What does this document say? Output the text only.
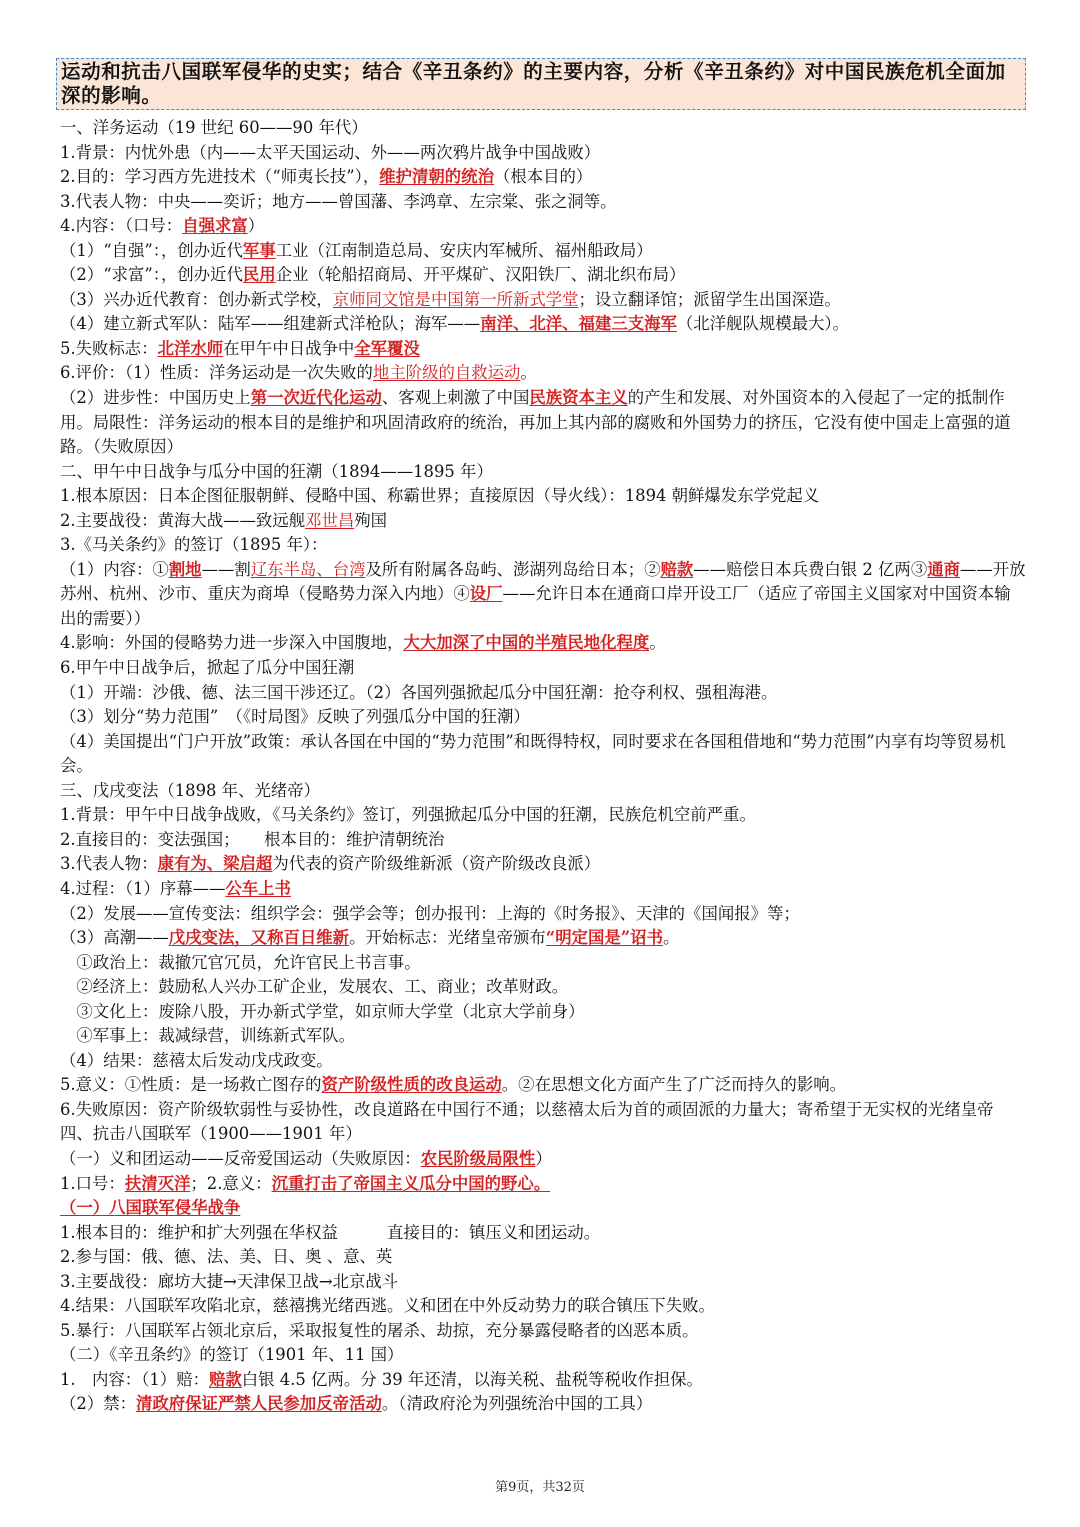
运动和抗击八国联军侵华的史实；结合《辛丑条约》的主要内容，分析《辛丑条约》对中国民族危机全面加深的影响。
一、洋务运动（19 世纪 60——90 年代）
1.背景：内忧外患（内——太平天国运动、外——两次鸦片战争中国战败）
2.目的：学习西方先进技术（“师夷长技”），维护清朝的统治（根本目的）
3.代表人物：中央——奕䜣；地方——曾国藩、李鸿章、左宗棠、张之洞等。
4.内容：（口号：自强求富）
（1）“自强”：，创办近代军事工业（江南制造总局、安庆内军械所、福州船政局）
（2）“求富”：，创办近代民用企业（轮船招商局、开平煤矿、汉阳铁厂、湖北织布局）
（3）兴办近代教育：创办新式学校，京师同文馆是中国第一所新式学堂；设立翻译馆；派留学生出国深造。
（4）建立新式军队：陆军——组建新式洋枪队；海军——南洋、北洋、福建三支海军（北洋舰队规模最大）。
5.失败标志：北洋水师在甲午中日战争中全军覆没
6.评价：（1）性质：洋务运动是一次失败的地主阶级的自救运动。
（2）进步性：中国历史上第一次近代化运动、客观上刺激了中国民族资本主义的产生和发展、对外国资本的入侵起了一定的抵制作用。局限性：洋务运动的根本目的是维护和巩固清政府的统治，再加上其内部的腐败和外国势力的挤压，它没有使中国走上富强的道路。（失败原因）
二、甲午中日战争与瓜分中国的狂潮（1894——1895 年）
1.根本原因：日本企图征服朝鲜、侵略中国、称霸世界；直接原因（导火线）：1894 朝鲜爆发东学党起义
2.主要战役：黄海大战——致远舰邓世昌殉国
3.《马关条约》的签订（1895 年）：
（1）内容：①割地——割辽东半岛、台湾及所有附属各岛屿、澎湖列岛给日本；②赔款——赔偿日本兵费白银 2 亿两③通商——开放苏州、杭州、沙市、重庆为商埠（侵略势力深入内地）④设厂——允许日本在通商口岸开设工厂（适应了帝国主义国家对中国资本输出的需要））
4.影响：外国的侵略势力进一步深入中国腹地，大大加深了中国的半殖民地化程度。
6.甲午中日战争后，掀起了瓜分中国狂潮
（1）开端：沙俄、德、法三国干涉还辽。（2）各国列强掀起瓜分中国狂潮：抢夺利权、强租海港。
（3）划分“势力范围”　（《时局图》反映了列强瓜分中国的狂潮）
（4）美国提出“门户开放”政策：承认各国在中国的“势力范围”和既得特权，同时要求在各国租借地和“势力范围”内享有均等贸易机会。
三、戊戌变法（1898 年、光绪帝）
1.背景：甲午中日战争战败，《马关条约》签订，列强掀起瓜分中国的狂潮，民族危机空前严重。
2.直接目的：变法强国；　　根本目的：维护清朝统治
3.代表人物：康有为、梁启超为代表的资产阶级维新派（资产阶级改良派）
4.过程：（1）序幕——公车上书
（2）发展——宣传变法：组织学会：强学会等；创办报刊：上海的《时务报》、天津的《国闻报》等；
（3）高潮——戊戌变法，又称百日维新。开始标志：光绪皇帝颁布“明定国是”诏书。
　①政治上：裁撤冗官冗员，允许官民上书言事。
　②经济上：鼓励私人兴办工矿企业，发展农、工、商业；改革财政。
　③文化上：废除八股，开办新式学堂，如京师大学堂（北京大学前身）
　④军事上：裁减绿营，训练新式军队。
（4）结果：慈禧太后发动戊戌政变。
5.意义：①性质：是一场救亡图存的资产阶级性质的改良运动。②在思想文化方面产生了广泛而持久的影响。
6.失败原因：资产阶级软弱性与妥协性，改良道路在中国行不通；以慈禧太后为首的顽固派的力量大；寄希望于无实权的光绪皇帝
四、抗击八国联军（1900——1901 年）
（一）义和团运动——反帝爱国运动（失败原因：农民阶级局限性）
1.口号：扶清灭洋；2.意义：沉重打击了帝国主义瓜分中国的野心。
（一）八国联军侵华战争
1.根本目的：维护和扩大列强在华权益　　　直接目的：镇压义和团运动。
2.参与国：俄、德、法、美、日、奥 、意、英
3.主要战役：廊坊大捷→天津保卫战→北京战斗
4.结果：八国联军攻陷北京，慈禧携光绪西逃。义和团在中外反动势力的联合镇压下失败。
5.暴行：八国联军占领北京后，采取报复性的屠杀、劫掠，充分暴露侵略者的凶恶本质。
（二）《辛丑条约》的签订（1901 年、11 国）
1.　内容：（1）赔：赔款白银 4.5 亿两。分 39 年还清，以海关税、盐税等税收作担保。
（2）禁：清政府保证严禁人民参加反帝活动。（清政府沦为列强统治中国的工具）
第9页，共32页
